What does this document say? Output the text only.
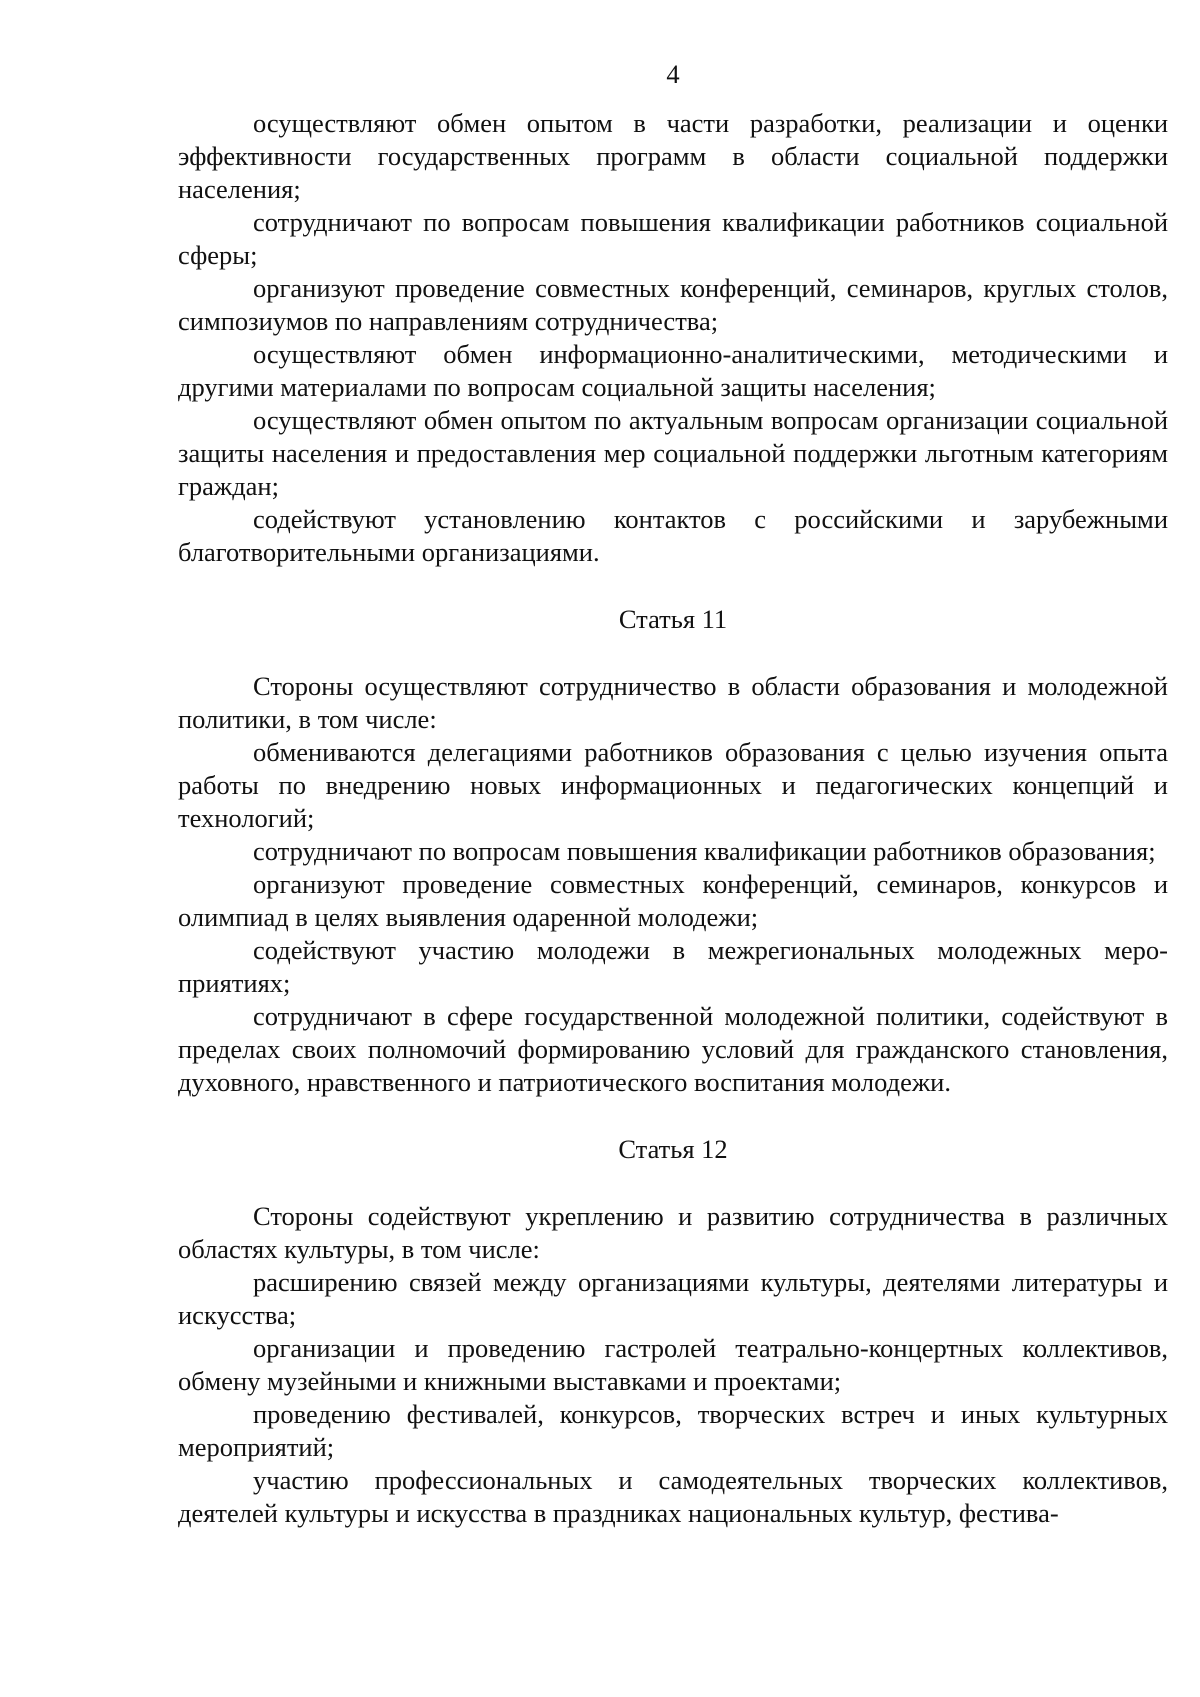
4

осуществляют обмен опытом в части разработки, реализации и оценки эффективности государственных программ в области социальной поддержки населения;

сотрудничают по вопросам повышения квалификации работников социальной сферы;

организуют проведение совместных конференций, семинаров, круглых столов, симпозиумов по направлениям сотрудничества;

осуществляют обмен информационно-аналитическими, методическими и другими материалами по вопросам социальной защиты населения;

осуществляют обмен опытом по актуальным вопросам организации социальной защиты населения и предоставления мер социальной поддержки льготным категориям граждан;

содействуют установлению контактов с российскими и зарубежными благотворительными организациями.

Статья 11

Стороны осуществляют сотрудничество в области образования и молодежной политики, в том числе:

обмениваются делегациями работников образования с целью изучения опыта работы по внедрению новых информационных и педагогических концепций и технологий;

сотрудничают по вопросам повышения квалификации работников образования;

организуют проведение совместных конференций, семинаров, конкурсов и олимпиад в целях выявления одаренной молодежи;

содействуют участию молодежи в межрегиональных молодежных мероприятиях;

сотрудничают в сфере государственной молодежной политики, содействуют в пределах своих полномочий формированию условий для гражданского становления, духовного, нравственного и патриотического воспитания молодежи.

Статья 12

Стороны содействуют укреплению и развитию сотрудничества в различных областях культуры, в том числе:

расширению связей между организациями культуры, деятелями литературы и искусства;

организации и проведению гастролей театрально-концертных коллективов, обмену музейными и книжными выставками и проектами;

проведению фестивалей, конкурсов, творческих встреч и иных культурных мероприятий;

участию профессиональных и самодеятельных творческих коллективов, деятелей культуры и искусства в праздниках национальных культур, фестива-
